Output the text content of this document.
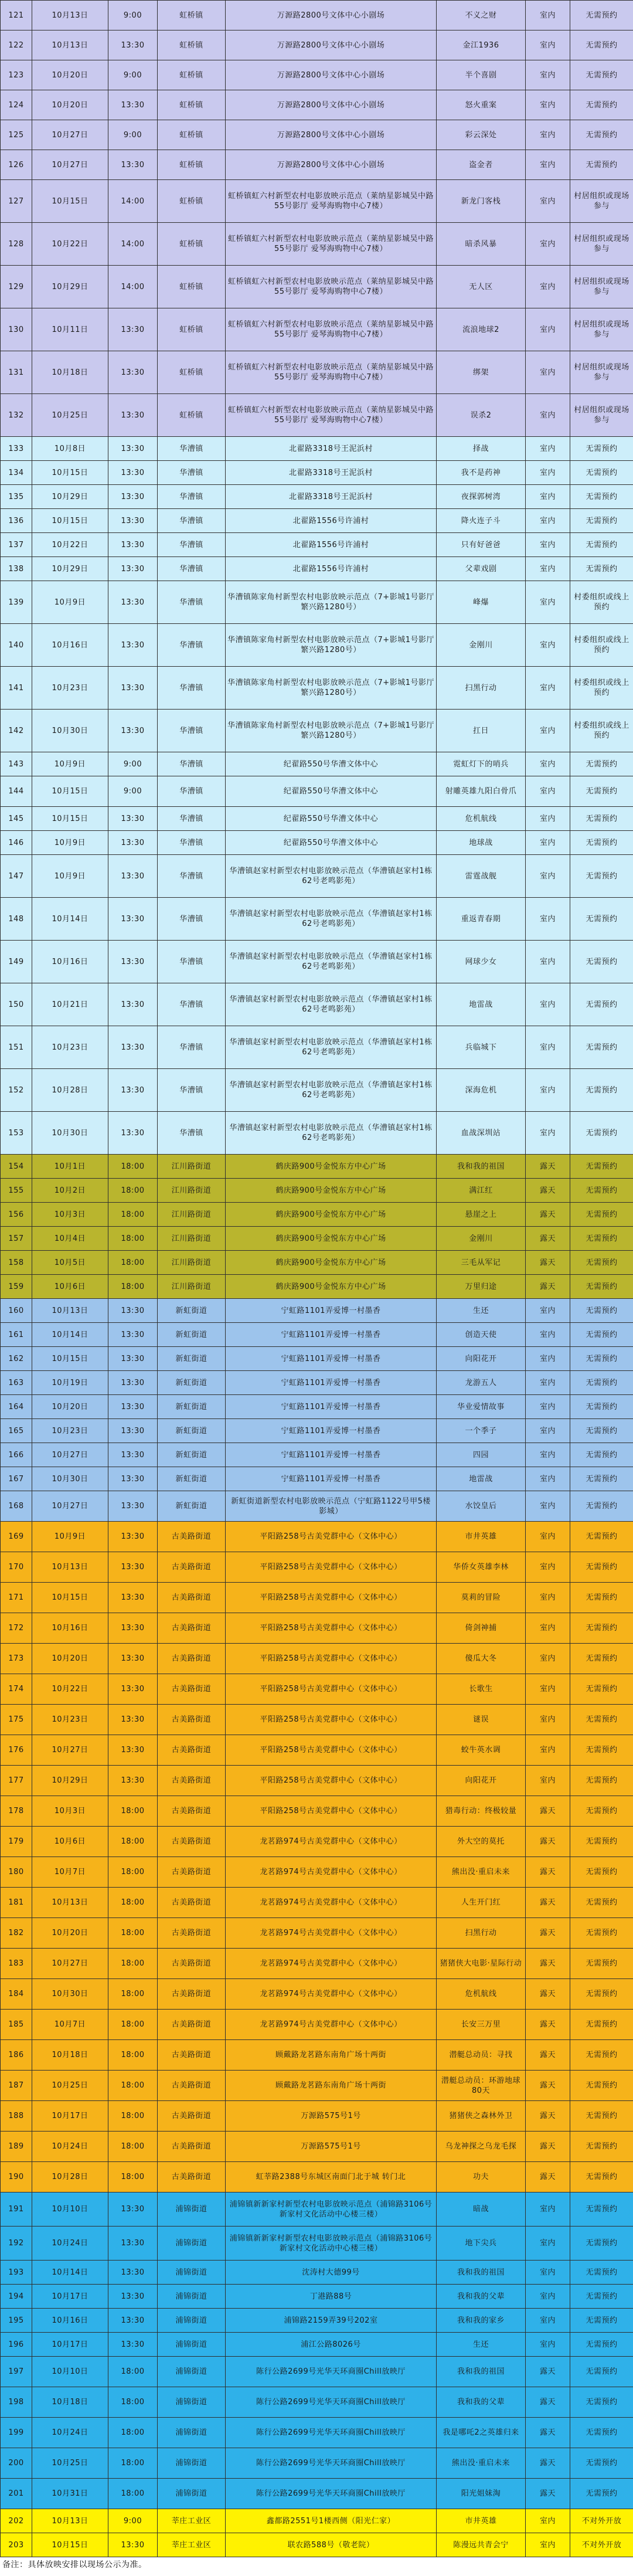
121	10月13日	9:00	虹桥镇	万源路2800号文体中心小剧场	不义之财	室内	无需预约
122	10月13日	13:30	虹桥镇	万源路2800号文体中心小剧场	金江1936	室内	无需预约
123	10月20日	9:00	虹桥镇	万源路2800号文体中心小剧场	半个喜剧	室内	无需预约
124	10月20日	13:30	虹桥镇	万源路2800号文体中心小剧场	怒火重案	室内	无需预约
125	10月27日	9:00	虹桥镇	万源路2800号文体中心小剧场	彩云深处	室内	无需预约
126	10月27日	13:30	虹桥镇	万源路2800号文体中心小剧场	盗金者	室内	无需预约
127	10月15日	14:00	虹桥镇	虹桥镇虹六村新型农村电影放映示范点（莱纳星影城吴中路55号影厅 爱琴海购物中心7楼）	新龙门客栈	室内	村居组织或现场参与
128	10月22日	14:00	虹桥镇	虹桥镇虹六村新型农村电影放映示范点（莱纳星影城吴中路55号影厅 爱琴海购物中心7楼）	暗杀风暴	室内	村居组织或现场参与
129	10月29日	14:00	虹桥镇	虹桥镇虹六村新型农村电影放映示范点（莱纳星影城吴中路55号影厅 爱琴海购物中心7楼）	无人区	室内	村居组织或现场参与
130	10月11日	13:30	虹桥镇	虹桥镇虹六村新型农村电影放映示范点（莱纳星影城吴中路55号影厅 爱琴海购物中心7楼）	流浪地球2	室内	村居组织或现场参与
131	10月18日	13:30	虹桥镇	虹桥镇虹六村新型农村电影放映示范点（莱纳星影城吴中路55号影厅 爱琴海购物中心7楼）	绑架	室内	村居组织或现场参与
132	10月25日	13:30	虹桥镇	虹桥镇虹六村新型农村电影放映示范点（莱纳星影城吴中路55号影厅 爱琴海购物中心7楼）	误杀2	室内	村居组织或现场参与
133	10月8日	13:30	华漕镇	北翟路3318号王泥浜村	择战	室内	无需预约
134	10月15日	13:30	华漕镇	北翟路3318号王泥浜村	我不是药神	室内	无需预约
135	10月29日	13:30	华漕镇	北翟路3318号王泥浜村	夜探郭树湾	室内	无需预约
136	10月15日	13:30	华漕镇	北翟路1556号许浦村	降火连子斗	室内	无需预约
137	10月22日	13:30	华漕镇	北翟路1556号许浦村	只有好爸爸	室内	无需预约
138	10月29日	13:30	华漕镇	北翟路1556号许浦村	父辈戏剧	室内	无需预约
139	10月9日	13:30	华漕镇	华漕镇陈家角村新型农村电影放映示范点（7+影城1号影厅繁兴路1280号）	峰爆	室内	村委组织或线上预约
140	10月16日	13:30	华漕镇	华漕镇陈家角村新型农村电影放映示范点（7+影城1号影厅繁兴路1280号）	金刚川	室内	村委组织或线上预约
141	10月23日	13:30	华漕镇	华漕镇陈家角村新型农村电影放映示范点（7+影城1号影厅繁兴路1280号）	扫黑行动	室内	村委组织或线上预约
142	10月30日	13:30	华漕镇	华漕镇陈家角村新型农村电影放映示范点（7+影城1号影厅繁兴路1280号）	扛日	室内	村委组织或线上预约
143	10月9日	9:00	华漕镇	纪翟路550号华漕文体中心	霓虹灯下的哨兵	室内	无需预约
144	10月15日	9:00	华漕镇	纪翟路550号华漕文体中心	射雕英雄九阳白骨爪	室内	无需预约
145	10月15日	13:30	华漕镇	纪翟路550号华漕文体中心	危机航线	室内	无需预约
146	10月9日	13:30	华漕镇	纪翟路550号华漕文体中心	地球战	室内	无需预约
147	10月9日	13:30	华漕镇	华漕镇赵家村新型农村电影放映示范点（华漕镇赵家村1栋62号老鸣影苑）	雷霆战舰	室内	无需预约
148	10月14日	13:30	华漕镇	华漕镇赵家村新型农村电影放映示范点（华漕镇赵家村1栋62号老鸣影苑）	重返青春期	室内	无需预约
149	10月16日	13:30	华漕镇	华漕镇赵家村新型农村电影放映示范点（华漕镇赵家村1栋62号老鸣影苑）	网球少女	室内	无需预约
150	10月21日	13:30	华漕镇	华漕镇赵家村新型农村电影放映示范点（华漕镇赵家村1栋62号老鸣影苑）	地雷战	室内	无需预约
151	10月23日	13:30	华漕镇	华漕镇赵家村新型农村电影放映示范点（华漕镇赵家村1栋62号老鸣影苑）	兵临城下	室内	无需预约
152	10月28日	13:30	华漕镇	华漕镇赵家村新型农村电影放映示范点（华漕镇赵家村1栋62号老鸣影苑）	深海危机	室内	无需预约
153	10月30日	13:30	华漕镇	华漕镇赵家村新型农村电影放映示范点（华漕镇赵家村1栋62号老鸣影苑）	血战深圳站	室内	无需预约
154	10月1日	18:00	江川路街道	鹤庆路900号金悦东方中心广场	我和我的祖国	露天	无需预约
155	10月2日	18:00	江川路街道	鹤庆路900号金悦东方中心广场	满江红	露天	无需预约
156	10月3日	18:00	江川路街道	鹤庆路900号金悦东方中心广场	悬崖之上	露天	无需预约
157	10月4日	18:00	江川路街道	鹤庆路900号金悦东方中心广场	金刚川	露天	无需预约
158	10月5日	18:00	江川路街道	鹤庆路900号金悦东方中心广场	三毛从军记	露天	无需预约
159	10月6日	18:00	江川路街道	鹤庆路900号金悦东方中心广场	万里归途	露天	无需预约
160	10月13日	13:30	新虹街道	宁虹路1101弄爱博一村墨香	生还	室内	无需预约
161	10月14日	13:30	新虹街道	宁虹路1101弄爱博一村墨香	创造天使	室内	无需预约
162	10月15日	13:30	新虹街道	宁虹路1101弄爱博一村墨香	向阳花开	室内	无需预约
163	10月19日	13:30	新虹街道	宁虹路1101弄爱博一村墨香	龙游五人	室内	无需预约
164	10月20日	13:30	新虹街道	宁虹路1101弄爱博一村墨香	华业爱情故事	室内	无需预约
165	10月23日	13:30	新虹街道	宁虹路1101弄爱博一村墨香	一个季子	室内	无需预约
166	10月27日	13:30	新虹街道	宁虹路1101弄爱博一村墨香	四园	室内	无需预约
167	10月30日	13:30	新虹街道	宁虹路1101弄爱博一村墨香	地雷战	室内	无需预约
168	10月27日	13:30	新虹街道	新虹街道新型农村电影放映示范点（宁虹路1122号甲5楼影城）	水饺皇后	室内	无需预约
169	10月9日	13:30	古美路街道	平阳路258号古美党群中心（文体中心）	市井英雄	室内	无需预约
170	10月13日	13:30	古美路街道	平阳路258号古美党群中心（文体中心）	华侨女英雄李林	室内	无需预约
171	10月15日	13:30	古美路街道	平阳路258号古美党群中心（文体中心）	莫莉的冒险	室内	无需预约
172	10月16日	13:30	古美路街道	平阳路258号古美党群中心（文体中心）	倚剑神捕	室内	无需预约
173	10月20日	13:30	古美路街道	平阳路258号古美党群中心（文体中心）	傻瓜大冬	室内	无需预约
174	10月22日	13:30	古美路街道	平阳路258号古美党群中心（文体中心）	长歌生	室内	无需预约
175	10月23日	13:30	古美路街道	平阳路258号古美党群中心（文体中心）	谜误	室内	无需预约
176	10月27日	13:30	古美路街道	平阳路258号古美党群中心（文体中心）	蛟牛英水调	室内	无需预约
177	10月29日	13:30	古美路街道	平阳路258号古美党群中心（文体中心）	向阳花开	室内	无需预约
178	10月3日	18:00	古美路街道	平阳路258号古美党群中心（文体中心）	猎毒行动：终极较量	露天	无需预约
179	10月6日	18:00	古美路街道	龙茗路974号古美党群中心（文体中心）	外大空的莫托	露天	无需预约
180	10月7日	18:00	古美路街道	龙茗路974号古美党群中心（文体中心）	熊出没·重启未来	露天	无需预约
181	10月13日	18:00	古美路街道	龙茗路974号古美党群中心（文体中心）	人生开门红	露天	无需预约
182	10月20日	18:00	古美路街道	龙茗路974号古美党群中心（文体中心）	扫黑行动	露天	无需预约
183	10月27日	18:00	古美路街道	龙茗路974号古美党群中心（文体中心）	猪猪侠大电影·星际行动	露天	无需预约
184	10月30日	18:00	古美路街道	龙茗路974号古美党群中心（文体中心）	危机航线	露天	无需预约
185	10月7日	18:00	古美路街道	龙茗路974号古美党群中心（文体中心）	长安三万里	露天	无需预约
186	10月18日	18:00	古美路街道	顾戴路龙茗路东南角广场十两街	潜艇总动员：寻找	露天	无需预约
187	10月25日	18:00	古美路街道	顾戴路龙茗路东南角广场十两街	潜艇总动员：环游地球80天	露天	无需预约
188	10月17日	18:00	古美路街道	万源路575号1号	猪猪侠之森林外卫	露天	无需预约
189	10月24日	18:00	古美路街道	万源路575号1号	乌龙神探之乌龙毛探	露天	无需预约
190	10月28日	18:00	古美路街道	虹莘路2388号东城区南面门北于城 转门北	功夫	露天	无需预约
191	10月10日	13:30	浦锦街道	浦锦镇新新家村新型农村电影放映示范点（浦锦路3106号新家村文化活动中心楼三楼）	暗战	室内	无需预约
192	10月24日	13:30	浦锦街道	浦锦镇新新家村新型农村电影放映示范点（浦锦路3106号新家村文化活动中心楼三楼）	地下尖兵	室内	无需预约
193	10月14日	13:30	浦锦街道	沈涛村大德99号	我和我的祖国	室内	无需预约
194	10月17日	13:30	浦锦街道	丁港路88号	我和我的父辈	室内	无需预约
195	10月16日	13:30	浦锦街道	浦锦路2159弄39号202室	我和我的家乡	室内	无需预约
196	10月17日	13:30	浦锦街道	浦江公路8026号	生还	室内	无需预约
197	10月10日	18:00	浦锦街道	陈行公路2699号光华天环商圈Chill放映厅	我和我的祖国	露天	无需预约
198	10月18日	18:00	浦锦街道	陈行公路2699号光华天环商圈Chill放映厅	我和我的父辈	露天	无需预约
199	10月24日	18:00	浦锦街道	陈行公路2699号光华天环商圈Chill放映厅	我是哪吒2之英雄归来	露天	无需预约
200	10月25日	18:00	浦锦街道	陈行公路2699号光华天环商圈Chill放映厅	熊出没·重启未来	露天	无需预约
201	10月31日	18:00	浦锦街道	陈行公路2699号光华天环商圈Chill放映厅	阳光姐妹淘	露天	无需预约
202	10月13日	9:00	莘庄工业区	鑫都路2551号1楼西侧（阳光仁家）	市井英雄	室内	不对外开放
203	10月15日	13:30	莘庄工业区	联农路588号（敬老院）	陈漫远共青会宁	室内	不对外开放
备注：具体放映安排以现场公示为准。
